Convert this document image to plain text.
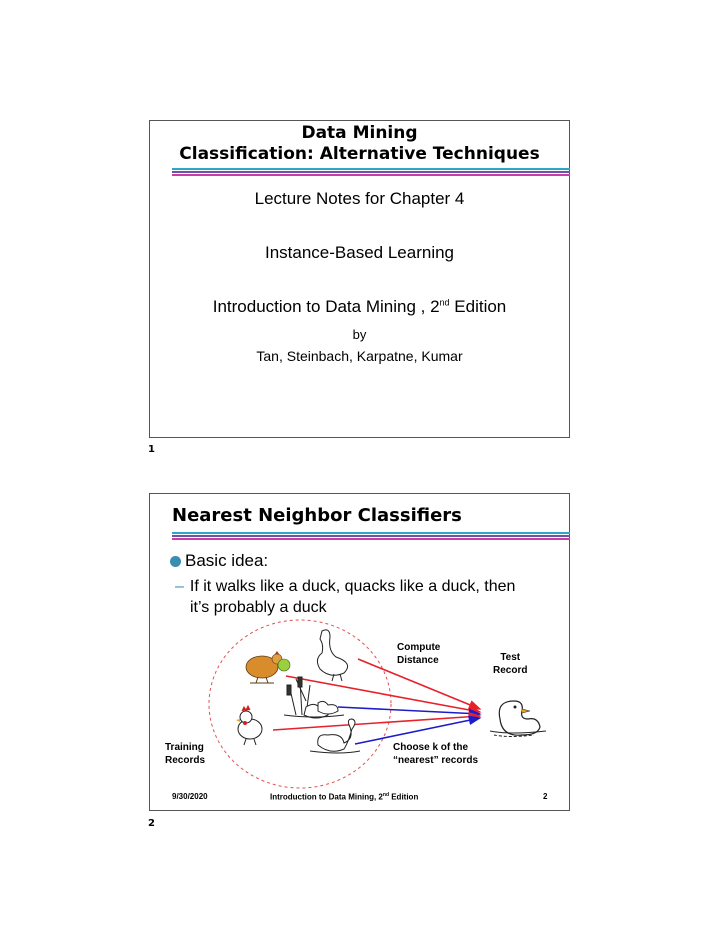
Data Mining
Classification: Alternative Techniques
Lecture Notes for Chapter 4
Instance-Based Learning
Introduction to Data Mining , 2nd Edition
by
Tan, Steinbach, Karpatne, Kumar
1
Nearest Neighbor Classifiers
Basic idea:
– If it walks like a duck, quacks like a duck, then
it’s probably a duck
Compute
Distance	Test
Record
Training
Records
Choose k of the
“nearest” records
9/30/2020	Introduction to Data Mining, 2nd Edition	2
2
